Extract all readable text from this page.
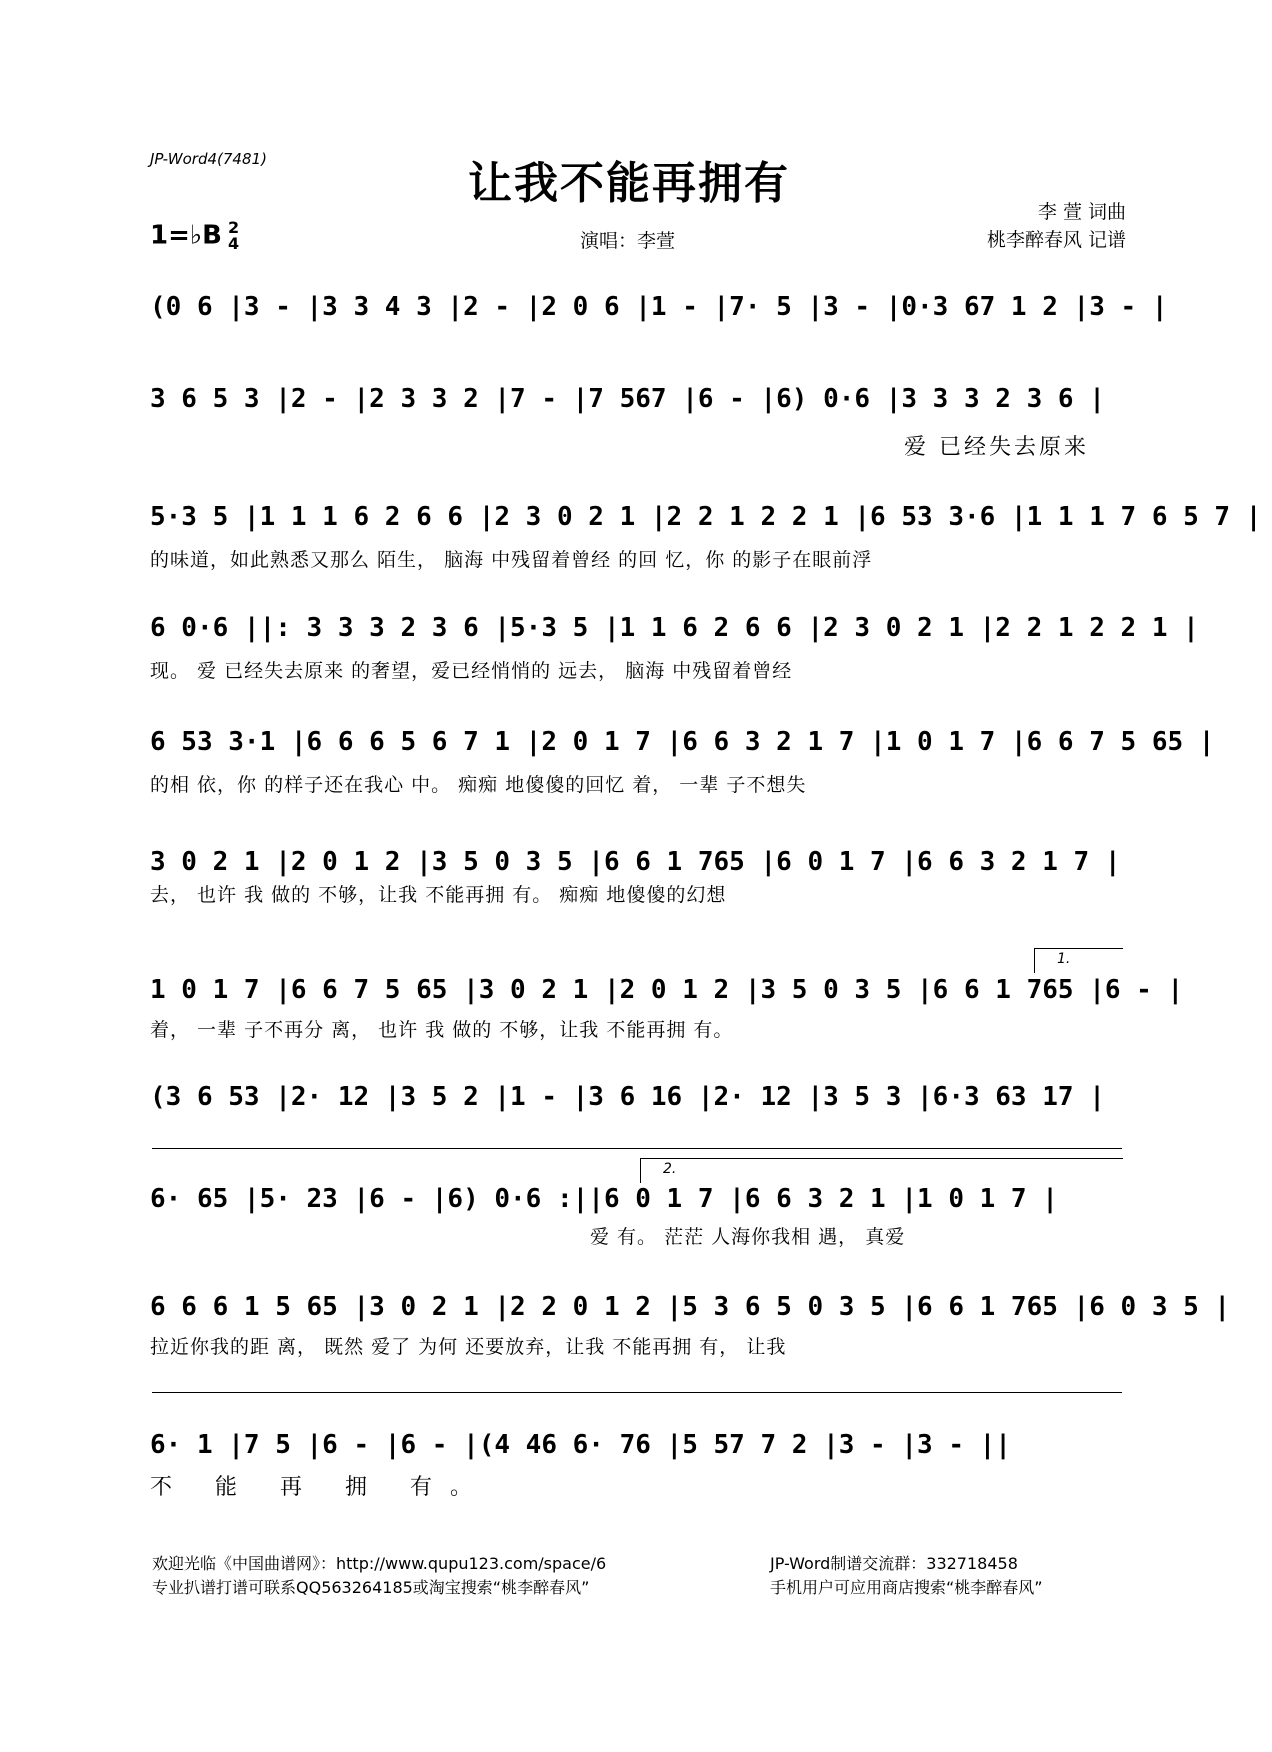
JP-Word4(7481)	让我不能再拥有
李 萱 词曲
桃李醉春风 记谱
1=♭B 2
4	演唱：李萱
(0 6 |3 - |3 3 4 3 |2 - |2 0 6 |1 - |7· 5 |3 - |0·3 67 1 2 |3 - |
3 6 5 3 |2 - |2 3 3 2 |7 - |7 567 |6 - |6) 0·6 |3 3 3 2 3 6 |
爱 已经失去原来
5·3 5 |1 1 1 6 2 6 6 |2 3 0 2 1 |2 2 1 2 2 1 |6 53 3·6 |1 1 1 7 6 5 7 |
的味道，如此熟悉又那么 陌生， 脑海 中残留着曾经 的回 忆，你 的影子在眼前浮
6 0·6 ||: 3 3 3 2 3 6 |5·3 5 |1 1 6 2 6 6 |2 3 0 2 1 |2 2 1 2 2 1 |
现。 爱 已经失去原来 的奢望，爱已经悄悄的 远去， 脑海 中残留着曾经
6 53 3·1 |6 6 6 5 6 7 1 |2 0 1 7 |6 6 3 2 1 7 |1 0 1 7 |6 6 7 5 65 |
的相 依，你 的样子还在我心 中。 痴痴 地傻傻的回忆 着， 一辈 子不想失
3 0 2 1 |2 0 1 2 |3 5 0 3 5 |6 6 1 765 |6 0 1 7 |6 6 3 2 1 7 |
去， 也许 我 做的 不够，让我 不能再拥 有。 痴痴 地傻傻的幻想
1.
1 0 1 7 |6 6 7 5 65 |3 0 2 1 |2 0 1 2 |3 5 0 3 5 |6 6 1 765 |6 - |
着， 一辈 子不再分 离， 也许 我 做的 不够，让我 不能再拥 有。
(3 6 53 |2· 12 |3 5 2 |1 - |3 6 16 |2· 12 |3 5 3 |6·3 63 17 |
2.
6· 65 |5· 23 |6 - |6) 0·6 :||6 0 1 7 |6 6 3 2 1 |1 0 1 7 |
爱 有。 茫茫 人海你我相 遇， 真爱
6 6 6 1 5 65 |3 0 2 1 |2 2 0 1 2 |5 3 6 5 0 3 5 |6 6 1 765 |6 0 3 5 |
拉近你我的距 离， 既然 爱了 为何 还要放弃，让我 不能再拥 有， 让我
6· 1 |7 5 |6 - |6 - |(4 46 6· 76 |5 57 7 2 |3 - |3 - ||
不 能 再 拥 有。
欢迎光临《中国曲谱网》：http://www.qupu123.com/space/6
专业扒谱打谱可联系QQ563264185或淘宝搜索“桃李醉春风”
JP-Word制谱交流群：332718458
手机用户可应用商店搜索“桃李醉春风”
